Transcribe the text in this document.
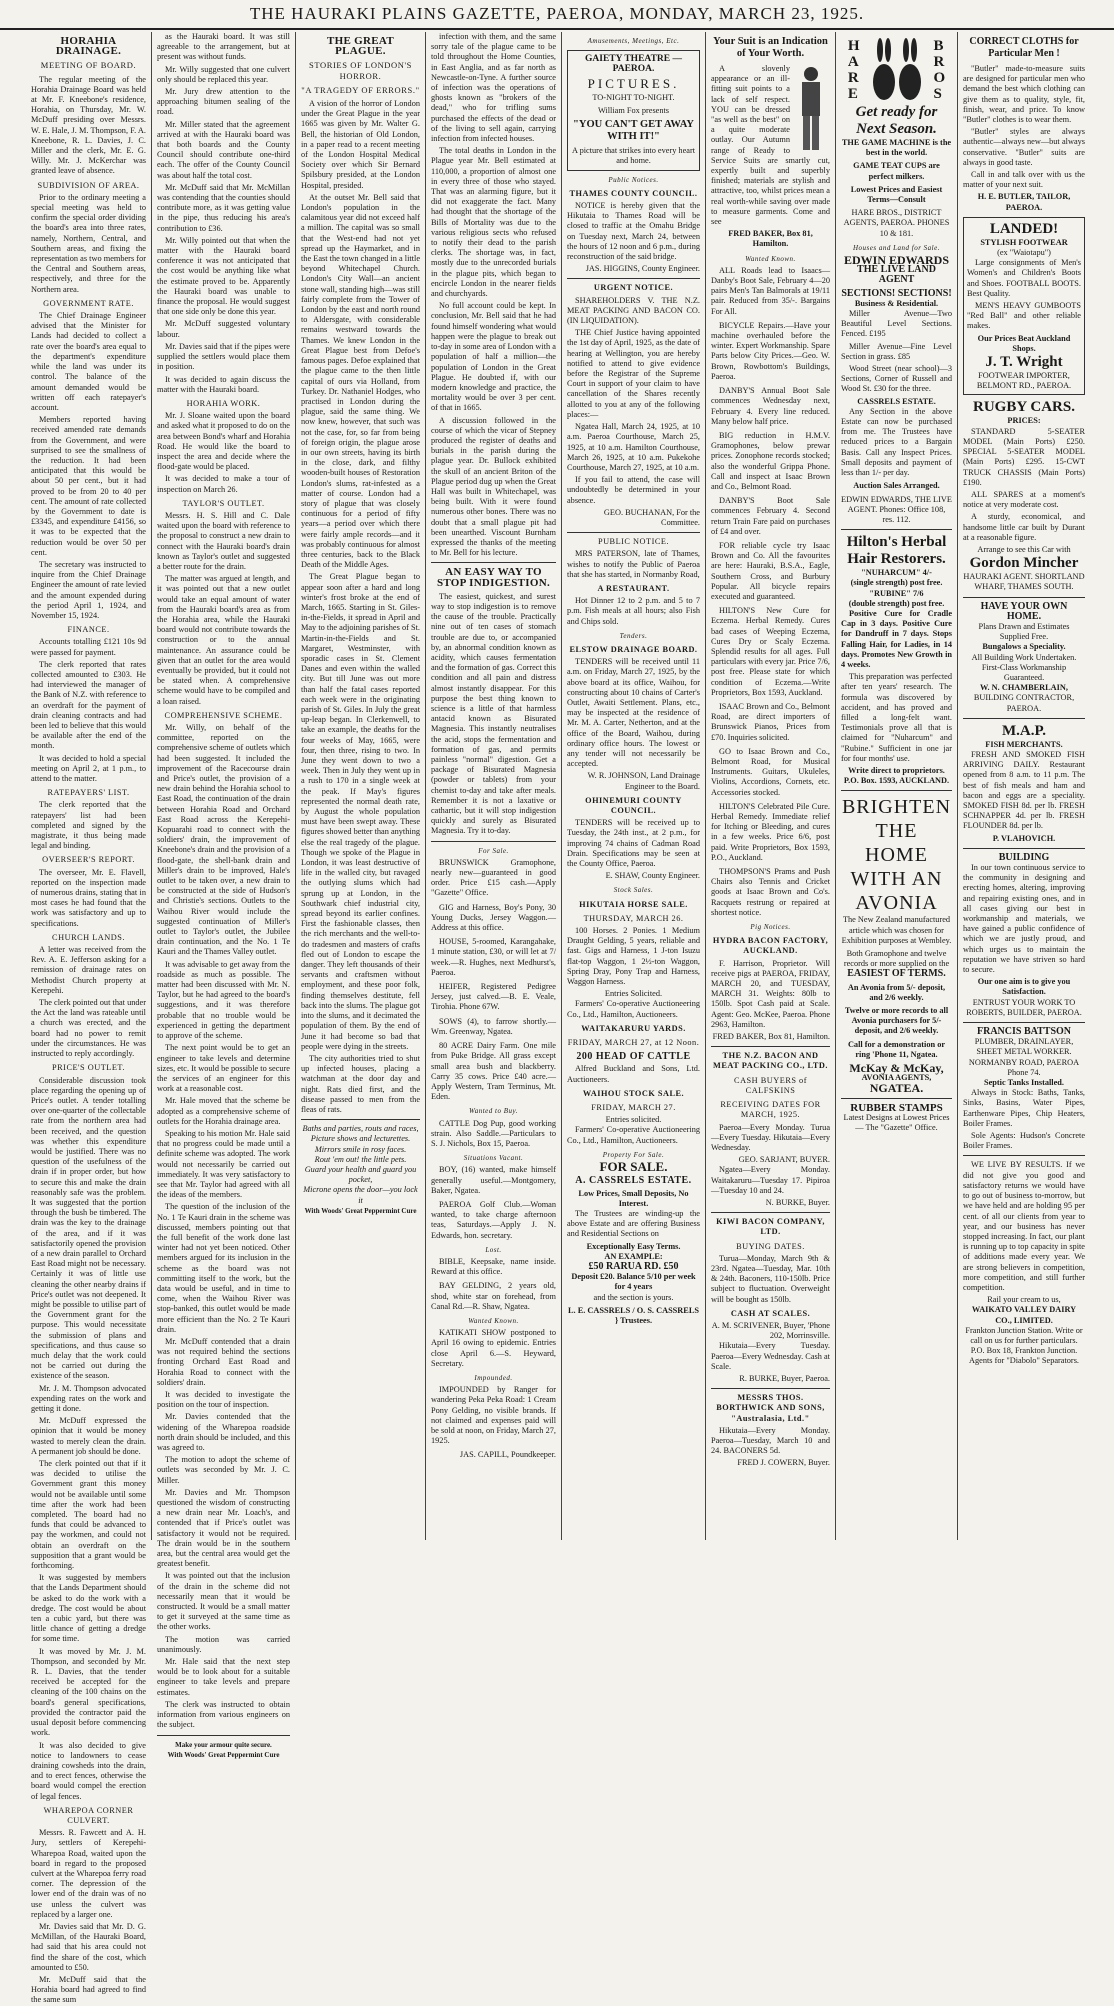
THE HAURAKI PLAINS GAZETTE, PAEROA, MONDAY, MARCH 23, 1925.
HORAHIA DRAINAGE.
MEETING OF BOARD.

The regular meeting of the Horahia Drainage Board was held at Mr. F. Kneebone's residence, Horahia, on Thursday, Mr. W. McDuff presiding over Messrs. W. E. Hale, J. M. Thompson, F. A. Kneebone, R. L. Davies, J. C. Miller and the clerk, Mr. E. G. Willy. Mr. J. McKerchar was granted leave of absence.

SUBDIVISION OF AREA.

Prior to the ordinary meeting a special meeting was held to confirm the special order dividing the board's area into three rates, namely, Northern, Central, and Southern areas, and fixing the representation as two members for the Central and Southern areas, respectively, and three for the Northern area.

GOVERNMENT RATE.

The Chief Drainage Engineer advised that the Minister for Lands had decided to collect a rate over the board's area equal to the department's expenditure while the land was under its control. The balance of the amount demanded would be written off each ratepayer's account.

Members reported having received amended rate demands from the Government, and were surprised to see the smallness of the reduction. It had been anticipated that this would be about 50 per cent., but it had proved to be from 20 to 40 per cent. The amount of rate collected by the Government to date is £3345, and expenditure £4156, so it was to be expected that the reduction would be over 50 per cent.

The secretary was instructed to inquire from the Chief Drainage Engineer the amount of rate levied and the amount expended during the period April 1, 1924, and November 15, 1924.

FINANCE.

Accounts totalling £121 10s 9d were passed for payment.

The clerk reported that rates collected amounted to £303. He had interviewed the manager of the Bank of N.Z. with reference to an overdraft for the payment of drain cleaning contracts and had been led to believe that this would be available after the end of the month.

It was decided to hold a special meeting on April 2, at 1 p.m., to attend to the matter.

RATEPAYERS' LIST.

The clerk reported that the ratepayers' list had been completed and signed by the magistrate, it thus being made legal and binding.

OVERSEER'S REPORT.

The overseer, Mr. E. Flavell, reported on the inspection made of numerous drains, stating that in most cases he had found that the work was satisfactory and up to specifications.

CHURCH LANDS.

A letter was received from the Rev. A. E. Jefferson asking for a remission of drainage rates on Methodist Church property at Kerepehi.

The clerk pointed out that under the Act the land was rateable until a church was erected, and the board had no power to remit under the circumstances. He was instructed to reply accordingly.

PRICE'S OUTLET.

Considerable discussion took place regarding the opening up of Price's outlet. A tender totalling over one-quarter of the collectable rate from the northern area had been received, and the question was whether this expenditure would be justified. There was no question of the usefulness of the drain if in proper order, but how to secure this and make the drain reasonably safe was the problem. It was suggested that the portion through the bush be timbered. The drain was the key to the drainage of the area, and if it was satisfactorily opened the provision of a new drain parallel to Orchard East Road might not be necessary. Certainly it was of little use cleaning the other nearby drains if Price's outlet was not deepened. It might be possible to utilise part of the Government grant for the purpose. This would necessitate the submission of plans and specifications, and thus cause so much delay that the work could not be carried out during the existence of the season.

Mr. J. M. Thompson advocated expending rates on the work and getting it done.

Mr. McDuff expressed the opinion that it would be money wasted to merely clean the drain. A permanent job should be done.

The clerk pointed out that if it was decided to utilise the Government grant this money would not be available until some time after the work had been completed. The board had no funds that could be advanced to pay the workmen, and could not obtain an overdraft on the supposition that a grant would be forthcoming.

It was suggested by members that the Lands Department should be asked to do the work with a dredge. The cost would be about ten a cubic yard, but there was little chance of getting a dredge for some time.

It was moved by Mr. J. M. Thompson, and seconded by Mr. R. L. Davies, that the tender received be accepted for the cleaning of the 100 chains on the board's general specifications, provided the contractor paid the usual deposit before commencing work.

It was also decided to give notice to landowners to cease draining cowsheds into the drain, and to erect fences, otherwise the board would compel the erection of legal fences.

WHAREPOA CORNER CULVERT.

Messrs. R. Fawcett and A. H. Jury, settlers of Kerepehi-Wharepoa Road, waited upon the board in regard to the proposed culvert at the Wharepoa ferry road corner. The depression of the lower end of the drain was of no use unless the culvert was replaced by a larger one.

Mr. Davies said that Mr. D. G. McMillan, of the Hauraki Board, had said that his area could not find the share of the cost, which amounted to £50.

Mr. McDuff said that the Horahia board had agreed to find the same sum

as the Hauraki board. It was still agreeable to the arrangement, but at present was without funds.

Mr. Willy suggested that one culvert only should be replaced this year.

Mr. Jury drew attention to the approaching bitumen sealing of the road.

Mr. Miller stated that the agreement arrived at with the Hauraki board was that both boards and the County Council should contribute one-third each. The offer of the County Council was about half the total cost.

Mr. McDuff said that Mr. McMillan was contending that the counties should contribute more, as it was getting value in the pipe, thus reducing his area's contribution to £36.

Mr. Willy pointed out that when the matter with the Hauraki board conference it was not anticipated that the cost would be anything like what the estimate proved to be. Apparently the Hauraki board was unable to finance the proposal. He would suggest that one side only be done this year.

Mr. McDuff suggested voluntary labour.

Mr. Davies said that if the pipes were supplied the settlers would place them in position.

It was decided to again discuss the matter with the Hauraki board.

HORAHIA WORK.

Mr. J. Sloane waited upon the board and asked what it proposed to do on the area between Bond's wharf and Horahia Road. He would like the board to inspect the area and decide where the flood-gate would be placed.

It was decided to make a tour of inspection on March 26.

TAYLOR'S OUTLET.

Messrs. H. S. Hill and C. Dale waited upon the board with reference to the proposal to construct a new drain to connect with the Hauraki board's drain known as Taylor's outlet and suggested a better route for the drain.

The matter was argued at length, and it was pointed out that a new outlet would take an equal amount of water from the Hauraki board's area as from the Horahia area, while the Hauraki board would not contribute towards the construction or to the annual maintenance. An assurance could be given that an outlet for the area would eventually be provided, but it could not be stated when. A comprehensive scheme would have to be compiled and a loan raised.

COMPREHENSIVE SCHEME.

Mr. Willy, on behalf of the committee, reported on the comprehensive scheme of outlets which had been suggested. It included the improvement of the Racecourse drain and Price's outlet, the provision of a new drain behind the Horahia school to East Road, the continuation of the drain between Horahia Road and Orchard East Road across the Kerepehi-Kopuarahi road to connect with the soldiers' drain, the improvement of Kneebone's drain and the provision of a flood-gate, the shell-bank drain and Miller's drain to be improved, Hale's outlet to be taken over, a new drain to be constructed at the side of Hudson's and Christie's sections. Outlets to the Waihou River would include the suggested continuation of Miller's outlet to Taylor's outlet, the Jubilee drain continuation, and the No. 1 Te Kauri and the Thames Valley outlet.

It was advisable to get away from the roadside as much as possible. The matter had been discussed with Mr. N. Taylor, but he had agreed to the board's suggestions, and it was therefore probable that no trouble would be experienced in getting the department to approve of the scheme.

The next point would be to get an engineer to take levels and determine sizes, etc. It would be possible to secure the services of an engineer for this work at a reasonable cost.

Mr. Hale moved that the scheme be adopted as a comprehensive scheme of outlets for the Horahia drainage area.

Speaking to his motion Mr. Hale said that no progress could be made until a definite scheme was adopted. The work would not necessarily be carried out immediately. It was very satisfactory to see that Mr. Taylor had agreed with all the ideas of the members.

The question of the inclusion of the No. 1 Te Kauri drain in the scheme was discussed, members pointing out that the full benefit of the work done last winter had not yet been noticed. Other members argued for its inclusion in the scheme as the board was not committing itself to the work, but the data would be useful, and in time to come, when the Waihou River was stop-banked, this outlet would be made more efficient than the No. 2 Te Kauri drain.

Mr. McDuff contended that a drain was not required behind the sections fronting Orchard East Road and Horahia Road to connect with the soldiers' drain.

It was decided to investigate the position on the tour of inspection.

Mr. Davies contended that the widening of the Wharepoa roadside north drain should be included, and this was agreed to.

The motion to adopt the scheme of outlets was seconded by Mr. J. C. Miller.

Mr. Davies and Mr. Thompson questioned the wisdom of constructing a new drain near Mr. Loach's, and contended that if Price's outlet was satisfactory it would not be required. The drain would be in the southern area, but the central area would get the greatest benefit.

It was pointed out that the inclusion of the drain in the scheme did not necessarily mean that it would be constructed. It would be a small matter to get it surveyed at the same time as the other works.

The motion was carried unanimously.

Mr. Hale said that the next step would be to look about for a suitable engineer to take levels and prepare estimates.

The clerk was instructed to obtain information from various engineers on the subject.

Make your armour quite secure.
With Woods' Great Peppermint Cure
THE GREAT PLAGUE.
STORIES OF LONDON'S HORROR.
"A TRAGEDY OF ERRORS."

A vision of the horror of London under the Great Plague in the year 1665 was given by Mr. Walter G. Bell, the historian of Old London, in a paper read to a recent meeting of the London Hospital Medical Society over which Sir Bernard Spilsbury presided, at the London Hospital, presided.

At the outset Mr. Bell said that London's population in the calamitous year did not exceed half a million. The capital was so small that the West-end had not yet spread up the Haymarket, and in the East the town changed in a little beyond Whitechapel Church. London's City Wall—an ancient stone wall, standing high—was still fairly complete from the Tower of London by the east and north round to Aldersgate, with considerable remains westward towards the Thames. We knew London in the Great Plague best from Defoe's famous pages. Defoe explained that the plague came to the then little capital of ours via Holland, from Turkey. Dr. Nathaniel Hodges, who practised in London during the plague, said the same thing. We now knew, however, that such was not the case, for, so far from being of foreign origin, the plague arose in our own streets, having its birth in the close, dark, and filthy wooden-built houses of Restoration London's slums, rat-infested as a matter of course. London had a story of plague that was closely continuous for a period of fifty years—a period over which there were fairly ample records—and it was probably continuous for almost three centuries, back to the Black Death of the Middle Ages.

The Great Plague began to appear soon after a hard and long winter's frost broke at the end of March, 1665. Starting in St. Giles-in-the-Fields, it spread in April and May to the adjoining parishes of St. Martin-in-the-Fields and St. Margaret, Westminster, with sporadic cases in St. Clement Danes and even within the walled city. But till June was out more than half the fatal cases reported each week were in the originating parish of St. Giles. In July the great up-leap began. In Clerkenwell, to take an example, the deaths for the four weeks of May, 1665, were four, then three, rising to two. In June they went down to two a week. Then in July they went up in a rush to 170 in a single week at the peak. If May's figures represented the normal death rate, by August the whole population must have been swept away. These figures showed better than anything else the real tragedy of the plague. Though we spoke of the Plague in London, it was least destructive of life in the walled city, but ravaged the outlying slums which had sprung up at London, in the Southwark chief industrial city, spread beyond its earlier confines. First the fashionable classes, then the rich merchants and the well-to-do tradesmen and masters of crafts fled out of London to escape the danger. They left thousands of their servants and craftsmen without employment, and these poor folk, finding themselves destitute, fell back into the slums. The plague got into the slums, and it decimated the population of them. By the end of June it had become so bad that people were dying in the streets.

The city authorities tried to shut up infected houses, placing a watchman at the door day and night. Rats died first, and the disease passed to men from the fleas of rats.

Baths and parties, routs and races,
Picture shows and lecturettes.
Mirrors smile in rosy faces.
Rout 'em out! the little pets.
Guard your health and guard you pocket,
Microne opens the door—you lock it
With Woods' Great Peppermint Cure

infection with them, and the same sorry tale of the plague came to be told throughout the Home Counties, in East Anglia, and as far north as Newcastle-on-Tyne. A further source of infection was the operations of ghosts known as "brokers of the dead," who for trifling sums purchased the effects of the dead or of the living to sell again, carrying infection from infected houses.

The total deaths in London in the Plague year Mr. Bell estimated at 110,000, a proportion of almost one in every three of those who stayed. That was an alarming figure, but it did not exaggerate the fact. Many had thought that the shortage of the Bills of Mortality was due to the various religious sects who refused to notify their dead to the parish clerks. The shortage was, in fact, mostly due to the unrecorded burials in the plague pits, which began to encircle London in the nearer fields and churchyards.

No full account could be kept. In conclusion, Mr. Bell said that he had found himself wondering what would happen were the plague to break out to-day in some area of London with a population of half a million—the population of London in the Great Plague. He doubted if, with our modern knowledge and practice, the mortality would be over 3 per cent. of that in 1665.

A discussion followed in the course of which the vicar of Stepney produced the register of deaths and burials in the parish during the plague year. Dr. Bullock exhibited the skull of an ancient Briton of the Plague period dug up when the Great Hall was built in Whitechapel, was being built. With it were found numerous other bones. There was no doubt that a small plague pit had been unearthed. Viscount Burnham expressed the thanks of the meeting to Mr. Bell for his lecture.

AN EASY WAY TO STOP INDIGESTION.

The easiest, quickest, and surest way to stop indigestion is to remove the cause of the trouble. Practically nine out of ten cases of stomach trouble are due to, or accompanied by, an abnormal condition known as acidity, which causes fermentation and the formation of gas. Correct this condition and all pain and distress almost instantly disappear. For this purpose the best thing known to science is a little of that harmless antacid known as Bisurated Magnesia. This instantly neutralises the acid, stops the fermentation and formation of gas, and permits painless "normal" digestion. Get a package of Bisurated Magnesia (powder or tablets) from your chemist to-day and take after meals. Remember it is not a laxative or cathartic, but it will stop indigestion quickly and surely as Bisurated Magnesia. Try it to-day.

For Sale.

BRUNSWICK Gramophone, nearly new—guaranteed in good order. Price £15 cash.—Apply "Gazette" Office.

GIG and Harness, Boy's Pony, 30 Young Ducks, Jersey Waggon.—Address at this office.

HOUSE, 5-roomed, Karangahake, 1 minute station, £30, or will let at 7/ week.—R. Hughes, next Medhurst's, Paeroa.

HEIFER, Registered Pedigree Jersey, just calved.—B. E. Veale, Tirohia. Phone 67W.

SOWS (4), to farrow shortly.—Wm. Greenway, Ngatea.

80 ACRE Dairy Farm. One mile from Puke Bridge. All grass except small area bush and blackberry. Carry 35 cows. Price £40 acre.—Apply Western, Tram Terminus, Mt. Eden.

Wanted to Buy.

CATTLE Dog Pup, good working strain. Also Saddle.—Particulars to S. J. Nichols, Box 15, Paeroa.

Situations Vacant.

BOY, (16) wanted, make himself generally useful.—Montgomery, Baker, Ngatea.

PAEROA Golf Club.—Woman wanted, to take charge afternoon teas, Saturdays.—Apply J. N. Edwards, hon. secretary.

Lost.

BIBLE, Keepsake, name inside. Reward at this office.

BAY GELDING, 2 years old, shod, white star on forehead, from Canal Rd.—R. Shaw, Ngatea.

Wanted Known.

KATIKATI SHOW postponed to April 16 owing to epidemic. Entries close April 6.—S. Heyward, Secretary.

Impounded.

IMPOUNDED by Ranger for wandering Peka Peka Road: 1 Cream Pony Gelding, no visible brands. If not claimed and expenses paid will be sold at noon, on Friday, March 27, 1925.

JAS. CAPILL, Poundkeeper.
Amusements, Meetings, Etc.
GAIETY THEATRE — PAEROA.
PICTURES.
TO-NIGHT TO-NIGHT.
William Fox presents
"YOU CAN'T GET AWAY WITH IT!"
A picture that strikes into every heart and home.
Public Notices.
THAMES COUNTY COUNCIL.

NOTICE is hereby given that the Hikutaia to Thames Road will be closed to traffic at the Omahu Bridge on Tuesday next, March 24, between the hours of 12 noon and 6 p.m., during reconstruction of the said bridge.

JAS. HIGGINS, County Engineer.
URGENT NOTICE.

SHAREHOLDERS V. THE N.Z. MEAT PACKING AND BACON CO. (IN LIQUIDATION).

THE Chief Justice having appointed the 1st day of April, 1925, as the date of hearing at Wellington, you are hereby notified to attend to give evidence before the Registrar of the Supreme Court in support of your claim to have cancellation of the Shares recently allotted to you at any of the following places:—

Ngatea Hall, March 24, 1925, at 10 a.m. Paeroa Courthouse, March 25, 1925, at 10 a.m. Hamilton Courthouse, March 26, 1925, at 10 a.m. Pukekohe Courthouse, March 27, 1925, at 10 a.m.

If you fail to attend, the case will undoubtedly be determined in your absence.

GEO. BUCHANAN, For the Committee.
PUBLIC NOTICE.

MRS PATERSON, late of Thames, wishes to notify the Public of Paeroa that she has started, in Normanby Road,

A RESTAURANT.

Hot Dinner 12 to 2 p.m. and 5 to 7 p.m. Fish meals at all hours; also Fish and Chips sold.

Tenders.
ELSTOW DRAINAGE BOARD.

TENDERS will be received until 11 a.m. on Friday, March 27, 1925, by the above board at its office, Waihou, for constructing about 10 chains of Carter's Outlet, Awaiti Settlement. Plans, etc., may be inspected at the residence of Mr. M. A. Carter, Netherton, and at the office of the Board, Waihou, during ordinary office hours. The lowest or any tender will not necessarily be accepted.

W. R. JOHNSON, Land Drainage Engineer to the Board.
OHINEMURI COUNTY COUNCIL.

TENDERS will be received up to Tuesday, the 24th inst., at 2 p.m., for improving 74 chains of Cadman Road Drain. Specifications may be seen at the County Office, Paeroa.

E. SHAW, County Engineer.
Stock Sales.
HIKUTAIA HORSE SALE.
THURSDAY, MARCH 26.

100 Horses. 2 Ponies. 1 Medium Draught Gelding, 5 years, reliable and fast. Gigs and Harness, 1 J-ton Isuzu flat-top Waggon, 1 2½-ton Waggon, Spring Dray, Pony Trap and Harness, Waggon Harness.

Entries Solicited.

Farmers' Co-operative Auctioneering Co., Ltd., Hamilton, Auctioneers.

WAITAKARURU YARDS.
FRIDAY, MARCH 27, at 12 Noon.
200 HEAD OF CATTLE

Alfred Buckland and Sons, Ltd. Auctioneers.

WAIHOU STOCK SALE.
FRIDAY, MARCH 27.
Entries solicited.

Farmers' Co-operative Auctioneering Co., Ltd., Hamilton, Auctioneers.

Property For Sale.
FOR SALE.
A. CASSRELS ESTATE.
Low Prices, Small Deposits, No Interest.

The Trustees are winding-up the above Estate and are offering Business and Residential Sections on

Exceptionally Easy Terms.
AN EXAMPLE:
£50 RARUA RD. £50
Deposit £20. Balance 5/10 per week for 4 years
and the section is yours.
L. E. CASSRELS / O. S. CASSRELS } Trustees.
Your Suit is an Indication of Your Worth.

A slovenly appearance or an ill-fitting suit points to a lack of self respect. YOU can be dressed "as well as the best" on a quite moderate outlay. Our Autumn range of Ready to Service Suits are smartly cut, expertly built and superbly finished; materials are stylish and attractive, too, whilst prices mean a real worth-while saving over made to measure garments. Come and see

FRED BAKER, Box 81, Hamilton.
Wanted Known.

ALL Roads lead to Isaacs—Danby's Boot Sale, February 4—20 pairs Men's Tan Balmorals at 19/11 pair. Reduced from 35/-. Bargains For All.

BICYCLE Repairs.—Have your machine overhauled before the winter. Expert Workmanship. Spare Parts below City Prices.—Geo. W. Brown, Rowbottom's Buildings, Paeroa.

DANBY'S Annual Boot Sale commences Wednesday next, February 4. Every line reduced. Many below half price.

BIG reduction in H.M.V. Gramophones, below prewar prices. Zonophone records stocked; also the wonderful Grippa Phone. Call and inspect at Isaac Brown and Co., Belmont Road.

DANBY'S Boot Sale commences February 4. Second return Train Fare paid on purchases of £4 and over.

FOR reliable cycle try Isaac Brown and Co. All the favourites are here: Hauraki, B.S.A., Eagle, Southern Cross, and Burbury Popular. All bicycle repairs executed and guaranteed.

HILTON'S New Cure for Eczema. Herbal Remedy. Cures bad cases of Weeping Eczema, Cures Dry or Scaly Eczema. Splendid results for all ages. Full particulars with every jar. Price 7/6, post free. Please state for which condition of Eczema.—Write Proprietors, Box 1593, Auckland.

ISAAC Brown and Co., Belmont Road, are direct importers of Brunswick Pianos, Prices from £70. Inquiries solicited.

GO to Isaac Brown and Co., Belmont Road, for Musical Instruments. Guitars, Ukuleles, Violins, Accordions, Cornets, etc. Accessories stocked.

HILTON'S Celebrated Pile Cure. Herbal Remedy. Immediate relief for Itching or Bleeding, and cures in a few weeks. Price 6/6, post paid. Write Proprietors, Box 1593, P.O., Auckland.

THOMPSON'S Prams and Push Chairs also Tennis and Cricket goods at Isaac Brown and Co's. Racquets restrung or repaired at shortest notice.

Pig Notices.
HYDRA BACON FACTORY, AUCKLAND.

F. Harrison, Proprietor. Will receive pigs at PAEROA, FRIDAY, MARCH 20, and TUESDAY, MARCH 31. Weights: 80lb to 150lb. Spot Cash paid at Scale. Agent: Geo. McKee, Paeroa. Phone 2963, Hamilton.

FRED BAKER, Box 81, Hamilton.
THE N.Z. BACON AND MEAT PACKING CO., LTD.
CASH BUYERS of CALFSKINS
RECEIVING DATES FOR MARCH, 1925.

Paeroa—Every Monday. Turua—Every Tuesday. Hikutaia—Every Wednesday.

GEO. SARJANT, BUYER.

Ngatea—Every Monday. Waitakaruru—Tuesday 17. Pipiroa—Tuesday 10 and 24.

N. BURKE, Buyer.
KIWI BACON COMPANY, LTD.
BUYING DATES.

Turua—Monday, March 9th & 23rd. Ngatea—Tuesday, Mar. 10th & 24th. Baconers, 110-150lb. Price subject to fluctuation. Overweight will be bought as 150lb.

CASH AT SCALES.
A. M. SCRIVENER, Buyer, 'Phone 202, Morrinsville.

Hikutaia—Every Tuesday. Paeroa—Every Wednesday. Cash at Scale.

R. BURKE, Buyer, Paeroa.
MESSRS THOS. BORTHWICK AND SONS, "Australasia, Ltd."

Hikutaia—Every Monday. Paeroa—Tuesday, March 10 and 24. BACONERS 5d.

FRED J. COWERN, Buyer.
H
A
R
E
B
R
O
S
Get ready for Next Season.
THE GAME MACHINE is the best in the world.
GAME TEAT CUPS are perfect milkers.
Lowest Prices and Easiest Terms—Consult
HARE BROS., DISTRICT AGENTS, PAEROA. PHONES 10 & 181.
Houses and Land for Sale.
EDWIN EDWARDS
THE LIVE LAND AGENT
SECTIONS! SECTIONS!
Business & Residential.

Miller Avenue—Two Beautiful Level Sections. Fenced. £195

Miller Avenue—Fine Level Section in grass. £85

Wood Street (near school)—3 Sections, Corner of Russell and Wood St. £30 for the three.

CASSRELS ESTATE.

Any Section in the above Estate can now be purchased from me. The Trustees have reduced prices to a Bargain Basis. Call any Inspect Prices. Small deposits and payment of less than 1/- per day.

Auction Sales Arranged.
EDWIN EDWARDS, THE LIVE AGENT. Phones: Office 108, res. 112.
Hilton's Herbal Hair Restorers.
"NUHARCUM" 4/-
(single strength) post free.
"RUBINE" 7/6
(double strength) post free.

Positive Cure for Cradle Cap in 3 days. Positive Cure for Dandruff in 7 days. Stops Falling Hair, for Ladies, in 14 days. Promotes New Growth in 4 weeks.

This preparation was perfected after ten years' research. The formula was discovered by accident, and has proved and filled a long-felt want. Testimonials prove all that is claimed for "Nuharcum" and "Rubine." Sufficient in one jar for four months' use.

Write direct to proprietors. P.O. Box. 1593, AUCKLAND.
BRIGHTEN THE
HOME
WITH AN
AVONIA
The New Zealand manufactured article which was chosen for Exhibition purposes at Wembley.
Both Gramophone and twelve records or more supplied on the
EASIEST OF TERMS.
An Avonia from 5/- deposit, and 2/6 weekly.
Twelve or more records to all Avonia purchasers for 5/- deposit, and 2/6 weekly.
Call for a demonstration or ring 'Phone 11, Ngatea.
McKay & McKay,
AVONIA AGENTS,
NGATEA.
RUBBER STAMPS
Latest Designs at Lowest Prices — The "Gazette" Office.
CORRECT CLOTHS for Particular Men !

"Butler" made-to-measure suits are designed for particular men who demand the best which clothing can give them as to quality, style, fit, finish, wear, and price. To know "Butler" clothes is to wear them.

"Butler" styles are always authentic—always new—but always conservative. "Butler" suits are always in good taste.

Call in and talk over with us the matter of your next suit.

H. E. BUTLER, TAILOR, PAEROA.
LANDED!
STYLISH FOOTWEAR
(ex "Waiotapu")

Large consignments of Men's Women's and Children's Boots and Shoes. FOOTBALL BOOTS. Best Quality.

MEN'S HEAVY GUMBOOTS "Red Ball" and other reliable makes.

Our Prices Beat Auckland Shops.
J. T. Wright
FOOTWEAR IMPORTER, BELMONT RD., PAEROA.
RUGBY CARS.
PRICES:

STANDARD 5-SEATER MODEL (Main Ports) £250. SPECIAL 5-SEATER MODEL (Main Ports) £295. 15-CWT TRUCK CHASSIS (Main Ports) £190.

ALL SPARES at a moment's notice at very moderate cost.

A sturdy, economical, and handsome little car built by Durant at a reasonable figure.

Arrange to see this Car with
Gordon Mincher
HAURAKI AGENT. SHORTLAND WHARF, THAMES SOUTH.
HAVE YOUR OWN HOME.
Plans Drawn and Estimates Supplied Free.
Bungalows a Speciality.
All Building Work Undertaken. First-Class Workmanship Guaranteed.
W. N. CHAMBERLAIN,
BUILDING CONTRACTOR, PAEROA.
M.A.P.
FISH MERCHANTS.

FRESH AND SMOKED FISH ARRIVING DAILY. Restaurant opened from 8 a.m. to 11 p.m. The best of fish meals and ham and bacon and eggs are a speciality. SMOKED FISH 8d. per lb. FRESH SCHNAPPER 4d. per lb. FRESH FLOUNDER 8d. per lb.

P. VLAHOVICH.
BUILDING

In our town continuous service to the community in designing and erecting homes, altering, improving and repairing existing ones, and in all cases giving our best in workmanship and materials, we have gained a public confidence of which we are justly proud, and which urges us to maintain the reputation we have striven so hard to secure.

Our one aim is to give you Satisfaction.
ENTRUST YOUR WORK TO ROBERTS, BUILDER, PAEROA.
FRANCIS BATTSON
PLUMBER, DRAINLAYER, SHEET METAL WORKER.
NORMANBY ROAD, PAEROA Phone 74.
Septic Tanks Installed.

Always in Stock: Baths, Tanks, Sinks, Basins, Water Pipes, Earthenware Pipes, Chip Heaters, Boiler Frames.

Sole Agents: Hudson's Concrete Boiler Frames.

WE LIVE BY RESULTS. If we did not give you good and satisfactory returns we would have to go out of business to-morrow, but we have held and are holding 95 per cent. of all our clients from year to year, and our business has never stopped increasing. In fact, our plant is running up to top capacity in spite of additions made every year. We are strong believers in competition, more competition, and still further competition.

Rail your cream to us,
WAIKATO VALLEY DAIRY CO., LIMITED.
Frankton Junction Station. Write or call on us for further particulars.
P.O. Box 18, Frankton Junction. Agents for "Diabolo" Separators.
